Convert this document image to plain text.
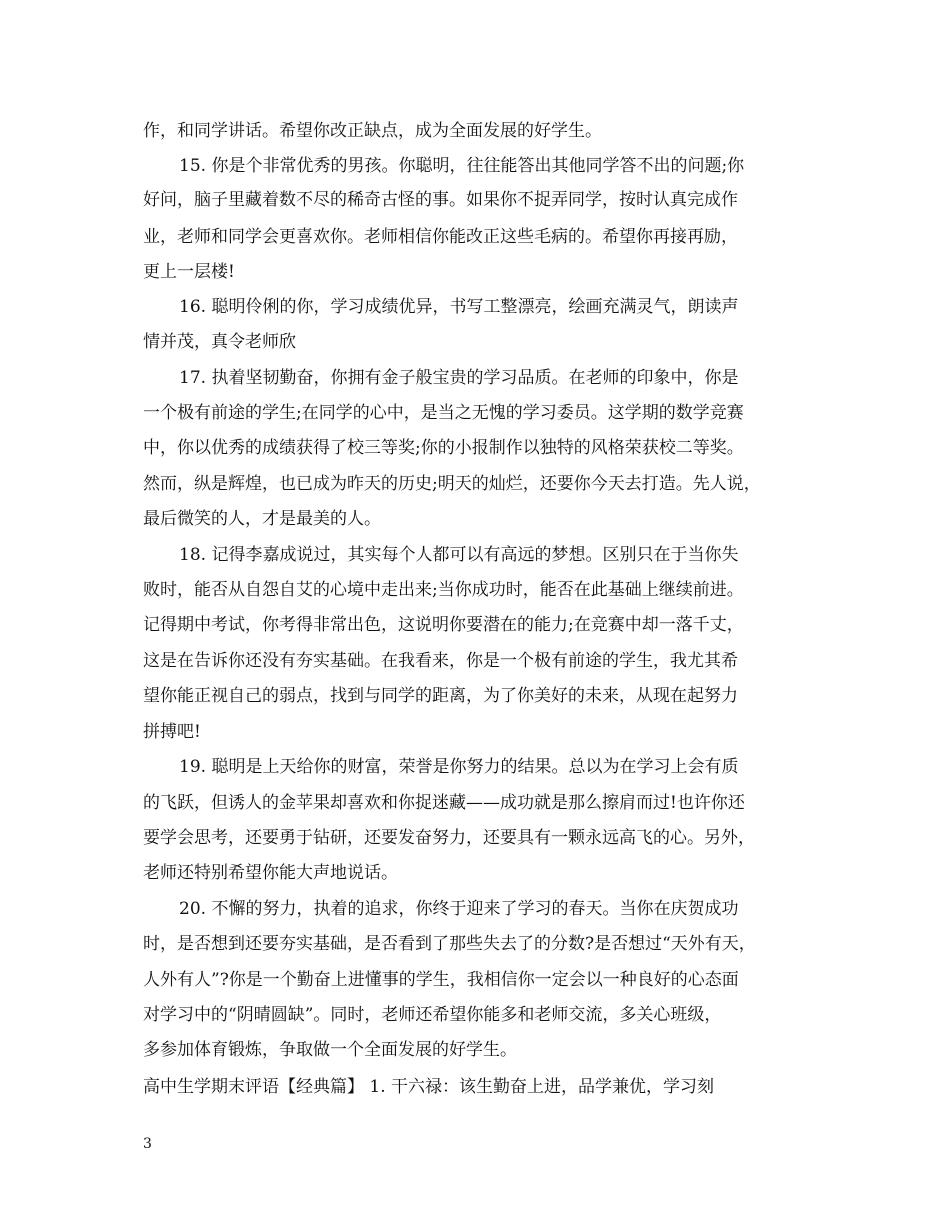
作，和同学讲话。希望你改正缺点，成为全面发展的好学生。
15. 你是个非常优秀的男孩。你聪明，往往能答出其他同学答不出的问题;你
好问，脑子里藏着数不尽的稀奇古怪的事。如果你不捉弄同学，按时认真完成作
业，老师和同学会更喜欢你。老师相信你能改正这些毛病的。希望你再接再励，
更上一层楼!
16. 聪明伶俐的你，学习成绩优异，书写工整漂亮，绘画充满灵气，朗读声
情并茂，真令老师欣
17. 执着坚韧勤奋，你拥有金子般宝贵的学习品质。在老师的印象中，你是
一个极有前途的学生;在同学的心中，是当之无愧的学习委员。这学期的数学竞赛
中，你以优秀的成绩获得了校三等奖;你的小报制作以独特的风格荣获校二等奖。
然而，纵是辉煌，也已成为昨天的历史;明天的灿烂，还要你今天去打造。先人说，
最后微笑的人，才是最美的人。
18. 记得李嘉成说过，其实每个人都可以有高远的梦想。区别只在于当你失
败时，能否从自怨自艾的心境中走出来;当你成功时，能否在此基础上继续前进。
记得期中考试，你考得非常出色，这说明你要潜在的能力;在竞赛中却一落千丈，
这是在告诉你还没有夯实基础。在我看来，你是一个极有前途的学生，我尤其希
望你能正视自己的弱点，找到与同学的距离，为了你美好的未来，从现在起努力
拼搏吧!
19. 聪明是上天给你的财富，荣誉是你努力的结果。总以为在学习上会有质
的飞跃，但诱人的金苹果却喜欢和你捉迷藏——成功就是那么擦肩而过!也许你还
要学会思考，还要勇于钻研，还要发奋努力，还要具有一颗永远高飞的心。另外，
老师还特别希望你能大声地说话。
20. 不懈的努力，执着的追求，你终于迎来了学习的春天。当你在庆贺成功
时，是否想到还要夯实基础，是否看到了那些失去了的分数?是否想过“天外有天，
人外有人”?你是一个勤奋上进懂事的学生，我相信你一定会以一种良好的心态面
对学习中的“阴晴圆缺”。同时，老师还希望你能多和老师交流，多关心班级，
多参加体育锻炼，争取做一个全面发展的好学生。
高中生学期末评语【经典篇】 1. 干六禄：该生勤奋上进，品学兼优，学习刻
3
